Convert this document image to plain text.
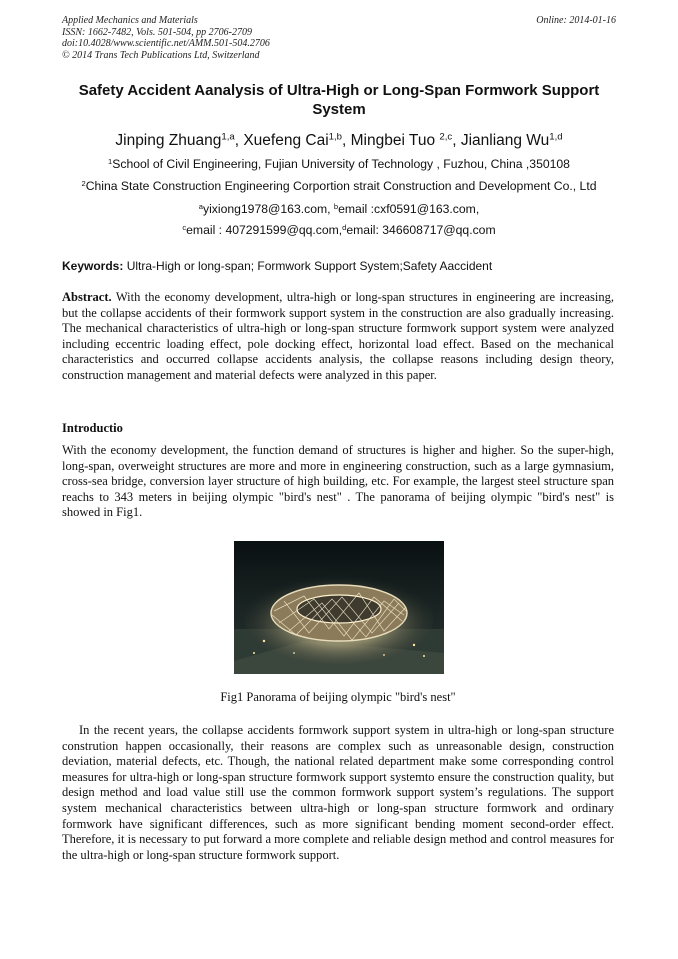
Applied Mechanics and Materials
ISSN: 1662-7482, Vols. 501-504, pp 2706-2709
doi:10.4028/www.scientific.net/AMM.501-504.2706
© 2014 Trans Tech Publications Ltd, Switzerland
Online: 2014-01-16
Safety Accident Aanalysis of Ultra-High or Long-Span Formwork Support System
Jinping Zhuang$^{1,a}$, Xuefeng Cai$^{1,b}$, Mingbei Tuo $^{2,c}$, Jianliang Wu$^{1,d}$
$^1$School of Civil Engineering, Fujian University of Technology , Fuzhou, China ,350108
$^2$China State Construction Engineering Corportion strait Construction and Development Co., Ltd
$^a$yixiong1978@163.com, $^b$email :cxf0591@163.com,
$^c$email : 407291599@qq.com,$^d$email: 346608717@qq.com
Keywords: Ultra-High or long-span; Formwork Support System;Safety Aaccident
Abstract. With the economy development, ultra-high or long-span structures in engineering are increasing, but the collapse accidents of their formwork support system in the construction are also gradually increasing. The mechanical characteristics of ultra-high or long-span structure formwork support system were analyzed including eccentric loading effect, pole docking effect, horizontal load effect. Based on the mechanical characteristics and occurred collapse accidents analysis, the collapse reasons including design theory, construction management and material defects were analyzed in this paper.
Introductio
With the economy development, the function demand of structures is higher and higher. So the super-high, long-span, overweight structures are more and more in engineering construction, such as a large gymnasium, cross-sea bridge, conversion layer structure of high building, etc. For example, the largest steel structure span reachs to 343 meters in beijing olympic "bird's nest" . The panorama of beijing olympic "bird's nest" is showed in Fig1.
Fig1 Panorama of beijing olympic "bird's nest"
In the recent years, the collapse accidents formwork support system in ultra-high or long-span structure constrution happen occasionally, their reasons are complex such as unreasonable design, construction deviation, material defects, etc. Though, the national related department make some corresponding control measures for ultra-high or long-span structure formwork support systemto ensure the construction quality, but design method and load value still use the common formwork support system’s regulations. The support system mechanical characteristics between ultra-high or long-span structure formwork and ordinary formwork have significant differences, such as more significant bending moment second-order effect. Therefore, it is necessary to put forward a more complete and reliable design method and control measures for the ultra-high or long-span structure formwork support.
